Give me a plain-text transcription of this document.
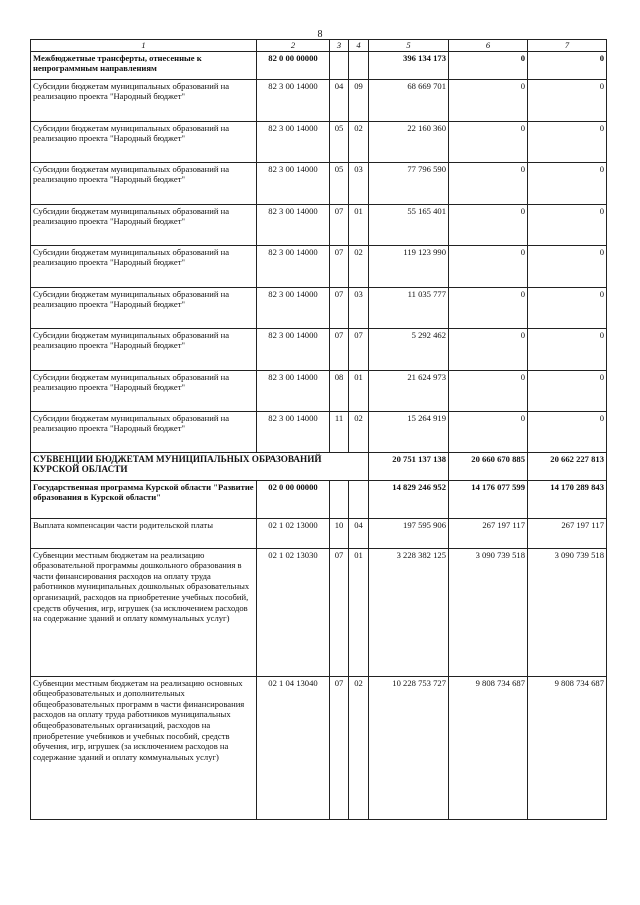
8
1	2	3	4	5	6	7
Межбюджетные трансферты, отнесенные к непрограммным направлениям	82 0 00 00000			396 134 173	0	0
Субсидии бюджетам муниципальных образований на реализацию проекта "Народный бюджет"	82 3 00 14000	04	09	68 669 701	0	0
Субсидии бюджетам муниципальных образований на реализацию проекта "Народный бюджет"	82 3 00 14000	05	02	22 160 360	0	0
Субсидии бюджетам муниципальных образований на реализацию проекта "Народный бюджет"	82 3 00 14000	05	03	77 796 590	0	0
Субсидии бюджетам муниципальных образований на реализацию проекта "Народный бюджет"	82 3 00 14000	07	01	55 165 401	0	0
Субсидии бюджетам муниципальных образований на реализацию проекта "Народный бюджет"	82 3 00 14000	07	02	119 123 990	0	0
Субсидии бюджетам муниципальных образований на реализацию проекта "Народный бюджет"	82 3 00 14000	07	03	11 035 777	0	0
Субсидии бюджетам муниципальных образований на реализацию проекта "Народный бюджет"	82 3 00 14000	07	07	5 292 462	0	0
Субсидии бюджетам муниципальных образований на реализацию проекта "Народный бюджет"	82 3 00 14000	08	01	21 624 973	0	0
Субсидии бюджетам муниципальных образований на реализацию проекта "Народный бюджет"	82 3 00 14000	11	02	15 264 919	0	0
СУБВЕНЦИИ БЮДЖЕТАМ МУНИЦИПАЛЬНЫХ ОБРАЗОВАНИЙ КУРСКОЙ ОБЛАСТИ				20 751 137 138	20 660 670 885	20 662 227 813
Государственная программа Курской области "Развитие образования в Курской области"	02 0 00 00000			14 829 246 952	14 176 077 599	14 170 289 843
Выплата компенсации части родительской платы	02 1 02 13000	10	04	197 595 906	267 197 117	267 197 117
Субвенции местным бюджетам на реализацию образовательной программы дошкольного образования в части финансирования расходов на оплату труда работников муниципальных дошкольных образовательных организаций, расходов на приобретение учебных пособий, средств обучения, игр, игрушек (за исключением расходов на содержание зданий и оплату коммунальных услуг)	02 1 02 13030	07	01	3 228 382 125	3 090 739 518	3 090 739 518
Субвенции местным бюджетам на реализацию основных общеобразовательных и дополнительных общеобразовательных программ в части финансирования расходов на оплату труда работников муниципальных общеобразовательных организаций, расходов на приобретение учебников и учебных пособий, средств обучения, игр, игрушек (за исключением расходов на содержание зданий и оплату коммунальных услуг)	02 1 04 13040	07	02	10 228 753 727	9 808 734 687	9 808 734 687
